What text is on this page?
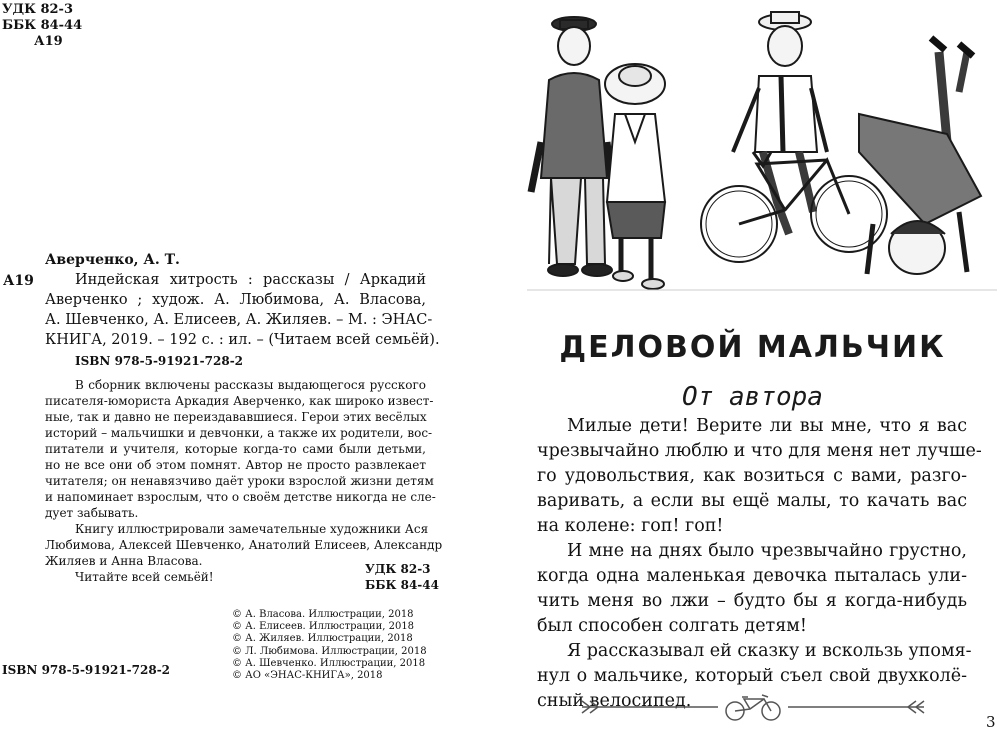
УДК 82-3
ББК 84-44
А19
Аверченко, А. Т.
А19	Индейская хитрость : рассказы / Аркадий
Аверченко ; худож. А. Любимова, А. Власова,
А. Шевченко, А. Елисеев, А. Жиляев. – М. : ЭНАС-
КНИГА, 2019. – 192 с. : ил. – (Читаем всей семьёй).
ISBN 978-5-91921-728-2
В сборник включены рассказы выдающегося русского
писателя-юмориста Аркадия Аверченко, как широко извест-
ные, так и давно не переиздававшиеся. Герои этих весёлых
историй – мальчишки и девчонки, а также их родители, вос-
питатели и учителя, которые когда-то сами были детьми,
но не все они об этом помнят. Автор не просто развлекает
читателя; он ненавязчиво даёт уроки взрослой жизни детям
и напоминает взрослым, что о своём детстве никогда не сле-
дует забывать.
Книгу иллюстрировали замечательные художники Ася
Любимова, Алексей Шевченко, Анатолий Елисеев, Александр
Жиляев и Анна Власова.
Читайте всей семьёй!
УДК 82-3
ББК 84-44
© А. Власова. Иллюстрации, 2018
© А. Елисеев. Иллюстрации, 2018
© А. Жиляев. Иллюстрации, 2018
© Л. Любимова. Иллюстрации, 2018
© А. Шевченко. Иллюстрации, 2018
© АО «ЭНАС-КНИГА», 2018
ISBN 978-5-91921-728-2
ДЕЛОВОЙ МАЛЬЧИК
От автора
Милые дети! Верите ли вы мне, что я вас
чрезвычайно люблю и что для меня нет лучше-
го удовольствия, как возиться с вами, разго-
варивать, а если вы ещё малы, то качать вас
на колене: гоп! гоп!
И мне на днях было чрезвычайно грустно,
когда одна маленькая девочка пыталась ули-
чить меня во лжи – будто бы я когда-нибудь
был способен солгать детям!
Я рассказывал ей сказку и вскользь упомя-
нул о мальчике, который съел свой двухколё-
сный велосипед.
3
